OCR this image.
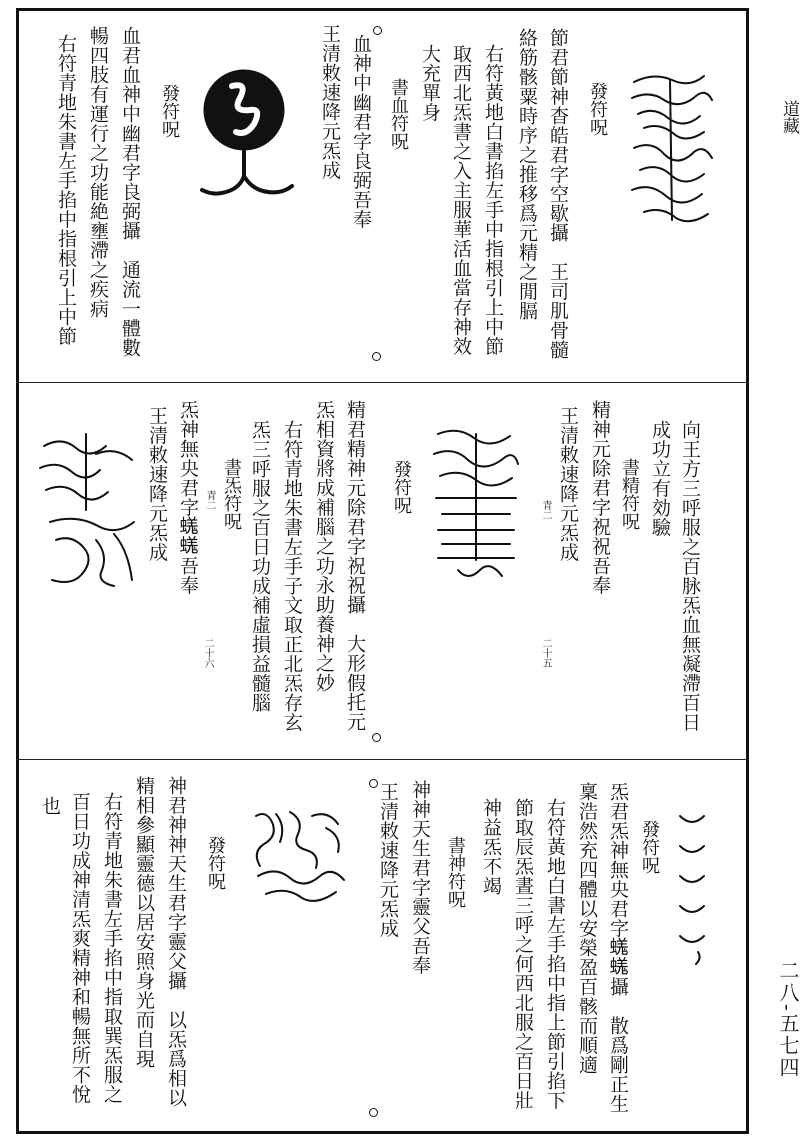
道藏
二八-五七四
發符呪
節君節神杳皓君字空歇攝　王司肌骨髓
絡筋骸粟時序之推移爲元精之閒膈
右符黃地白書掐左手中指根引上中節
取西北炁書之入主服華活血當存神效
大充單身
書血符呪
血神中幽君字良弼吾奉
王清敕速降元炁成
發符呪
血君血神中幽君字良弼攝　通流一體數
暢四肢有運行之功能絶壅滯之疾病
右符青地朱書左手掐中指根引上中節
向王方三呼服之百脉炁血無凝滯百日
成功立有効驗
書精符呪
精神元除君字祝祝吾奉
王清敕速降元炁成
青二
二十五
發符呪
精君精神元除君字祝祝攝　大形假托元
炁相資將成補腦之功永助養神之妙
右符青地朱書左手子文取正北炁存玄
炁三呼服之百日功成補虛損益髓腦
二十六
書炁符呪
青二
炁神無央君字𧏙𧏙吾奉
王清敕速降元炁成
發符呪
炁君炁神無央君字𧏙𧏙攝　散爲剛正生
稟浩然充四體以安榮盈百骸而順適
右符黃地白書左手掐中指上節引掐下
節取辰炁晝三呼之何西北服之百日壯
神益炁不竭
書神符呪
神神天生君字靈父吾奉
王清敕速降元炁成
發符呪
神君神神天生君字靈父攝　以炁爲相以
精相參顯靈德以居安照身光而自現
右符青地朱書左手掐中指取巽炁服之
百日功成神清炁爽精神和暢無所不悅
也
